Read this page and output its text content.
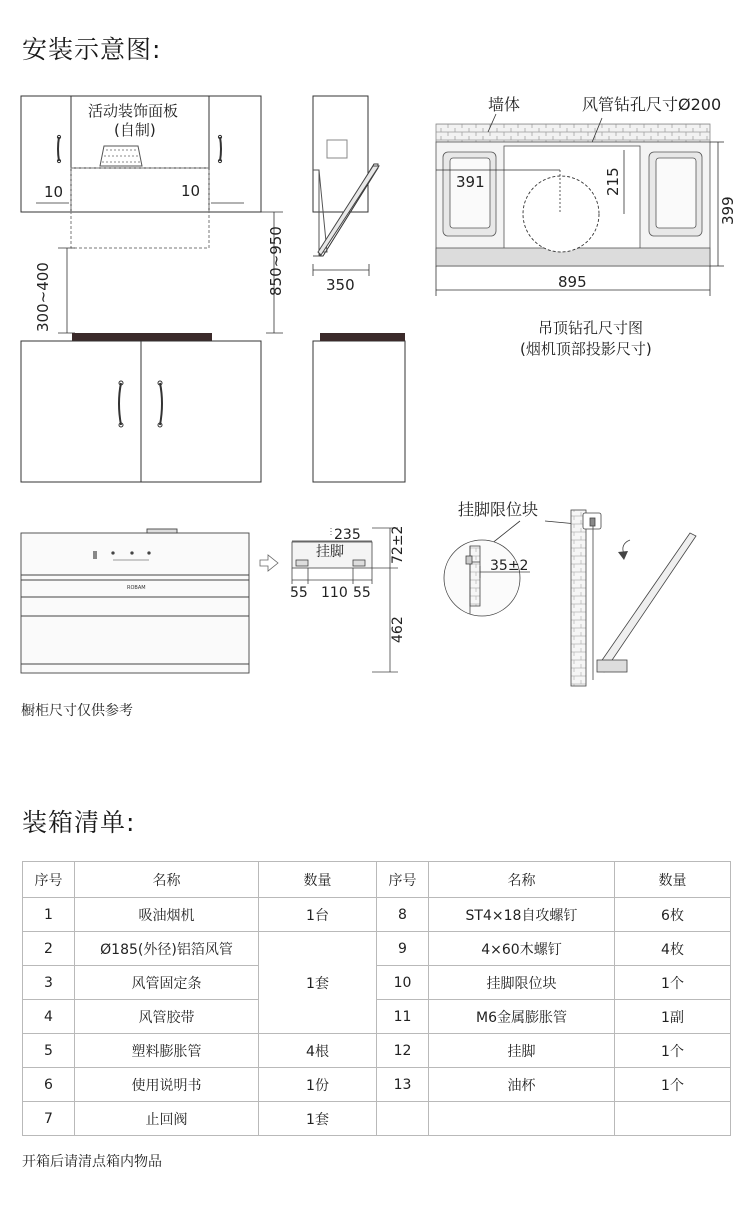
安装示意图:
10	10
活动装饰面板
(自制)
850~950
300~400	350
墙体	风管钻孔尺寸Ø200
391	215
399
895
吊顶钻孔尺寸图
(烟机顶部投影尺寸)
ROBAM
235
挂脚	72±2
55 110 55
462
挂脚限位块
35±2
橱柜尺寸仅供参考
装箱清单:
序号	名称	数量	序号	名称	数量
1	吸油烟机	1台	8	ST4×18自攻螺钉	6枚
2	Ø185(外径)铝箔风管	1套	9	4×60木螺钉	4枚
3	风管固定条		10	挂脚限位块	1个
4	风管胶带		11	M6金属膨胀管	1副
5	塑料膨胀管	4根	12	挂脚	1个
6	使用说明书	1份	13	油杯	1个
7	止回阀	1套			
开箱后请清点箱内物品
